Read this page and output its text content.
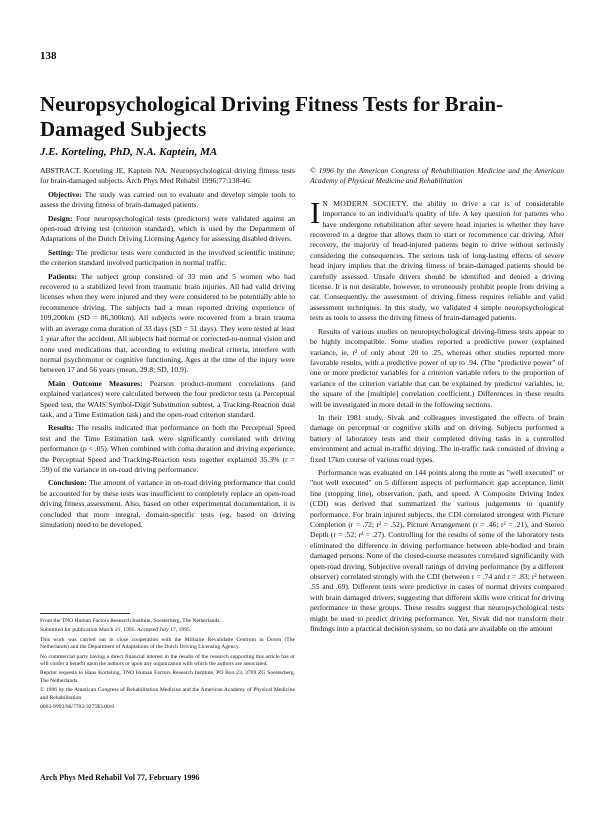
138
Neuropsychological Driving Fitness Tests for Brain-Damaged Subjects
J.E. Korteling, PhD, N.A. Kaptein, MA

ABSTRACT. Korteling JE, Kaptein NA. Neuropsychological driving fitness tests for brain-damaged subjects. Arch Phys Med Rehabil 1996;77:138-46.

Objective: The study was carried out to evaluate and develop simple tools to assess the driving fitness of brain-damaged patients.

Design: Four neuropsychological tests (predictors) were validated against an open-road driving test (criterion standard), which is used by the Department of Adaptations of the Dutch Driving Licensing Agency for assessing disabled drivers.

Setting: The predictor tests were conducted in the involved scientific institute; the criterion standard involved participation in normal traffic.

Patients: The subject group consisted of 33 men and 5 women who had recovered to a stabilized level from traumatic brain injuries. All had valid driving licenses when they were injured and they were considered to be potentially able to recommence driving. The subjects had a mean reported driving experience of 109,200km (SD = 86,300km). All subjects were recovered from a brain trauma with an average coma duration of 33 days (SD = 51 days). They were tested at least 1 year after the accident. All subjects had normal or corrected-to-normal vision and none used medications that, according to existing medical criteria, interfere with normal psychomotor or cognitive functioning. Ages at the time of the injury were between 17 and 56 years (mean, 29.8; SD, 10.9).

Main Outcome Measures: Pearson product-moment correlations (and explained variances) were calculated between the four predictor tests (a Perceptual Speed test, the WAIS Symbol-Digit Substitution subtest, a Tracking-Reaction dual task, and a Time Estimation task) and the open-road criterion standard.

Results: The results indicated that performance on both the Perceptual Speed test and the Time Estimation task were significantly correlated with driving performance (p < .05). When combined with coma duration and driving experience, the Perceptual Speed and Tracking-Reaction tests together explained 35.3% (r = .59) of the variance in on-road driving performance.

Conclusion: The amount of variance in on-road driving performance that could be accounted for by these tests was insufficient to completely replace an open-road driving fitness assessment. Also, based on other experimental documentation, it is concluded that more integral, domain-specific tests (eg, based on driving simulation) need to be developed.

From the TNO Human Factors Research Institute, Soesterberg, The Netherlands.

Submitted for publication March 21, 1995. Accepted July 17, 1995.

This work was carried out in close cooperation with the Militaire Revalidatie Centrum in Doorn (The Netherlands) and the Department of Adaptations of the Dutch Driving Licensing Agency.

No commercial party having a direct financial interest in the results of the research supporting this article has or will confer a benefit upon the authors or upon any organization with which the authors are associated.

Reprint requests to Hans Korteling, TNO Human Factors Research Institute, PO Box 23, 3769 ZG Soesterberg, The Netherlands.

© 1996 by the American Congress of Rehabilitation Medicine and the American Academy of Physical Medicine and Rehabilitation

0003-9993/96/7702-3275$3.00/0

© 1996 by the American Congress of Rehabilitation Medicine and the American Academy of Physical Medicine and Rehabilitation

I N MODERN SOCIETY, the ability to drive a car is of considerable importance to an individual's quality of life. A key question for patients who have undergone rehabilitation after severe head injuries is whether they have recovered to a degree that allows them to start or recommence car driving. After recovery, the majority of head-injured patients begin to drive without seriously considering the consequences. The serious task of long-lasting effects of severe head injury implies that the driving fitness of brain-damaged patients should be carefully assessed. Unsafe drivers should be identified and denied a driving license. It is not desirable, however, to erroneously prohibit people from driving a car. Consequently, the assessment of driving fitness requires reliable and valid assessment techniques. In this study, we validated 4 simple neuropsychological tests as tools to assess the driving fitness of brain-damaged patients.

Results of various studies on neuropsychological driving-fitness tests appear to be highly incompatible. Some studies reported a predictive power (explained variance, ie, r² of only about .20 to .25, whereas other studies reported more favorable results, with a predictive power of up to .94. (The "predictive power" of one or more predictor variables for a criterion variable refers to the proportion of variance of the criterion variable that can be explained by predictor variables, ie, the square of the [multiple] correlation coefficient.) Differences in these results will be investigated in more detail in the following sections.

In their 1981 study, Sivak and colleagues investigated the effects of brain damage on perceptual or cognitive skills and on driving. Subjects performed a battery of laboratory tests and their completed driving tasks in a controlled environment and actual in-traffic driving. The in-traffic task consisted of driving a fixed 17km course of various road types.

Performance was evaluated on 144 points along the route as "well executed" or "not well executed" on 5 different aspects of performance: gap acceptance, limit line (stopping line), observation, path, and speed. A Composite Driving Index (CDI) was derived that summarized the various judgements to quantify performance. For brain injured subjects, the CDI correlated strongest with Picture Completion (r = .72; r² = .52), Picture Arrangement (r = .46; r² = .21), and Stereo Depth (r = .52; r² = .27). Controlling for the results of some of the laboratory tests eliminated the difference in driving performance between able-bodied and brain damaged persons. None of the closed-course measures correlated significantly with open-road driving. Subjective overall ratings of driving performance (by a different observer) correlated strongly with the CDI (between r = .74 and r = .83; r² between .55 and .69). Different tests were predictive in cases of normal drivers compared with brain damaged drivers, suggesting that different skills were critical for driving performance in these groups. These results suggest that neuropsychological tests might be used to predict driving performance. Yet, Sivak did not transform their findings into a practical decision system, so no data are available on the amount

Arch Phys Med Rehabil Vol 77, February 1996
